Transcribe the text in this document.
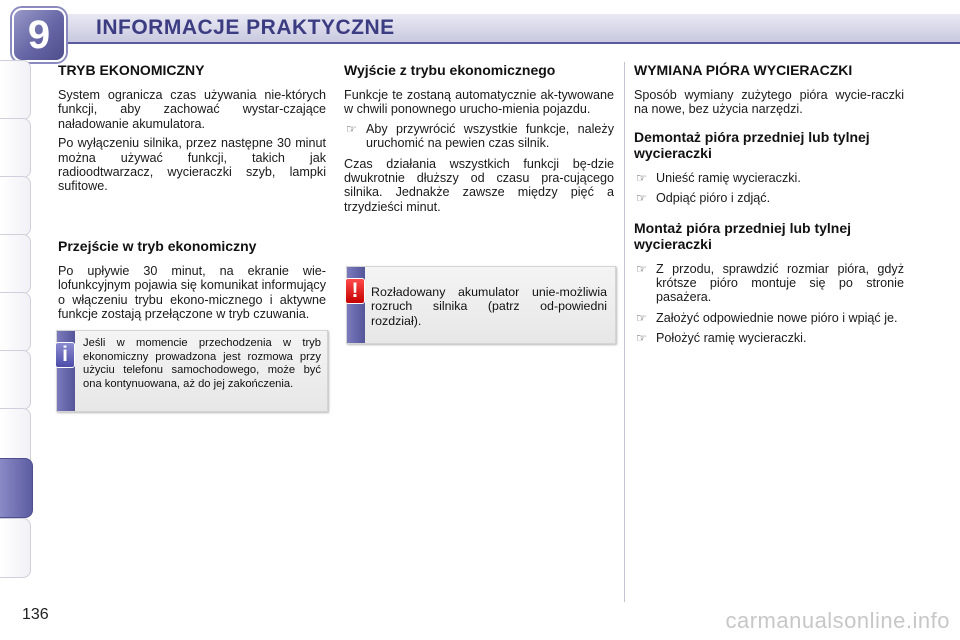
9	INFORMACJE PRAKTYCZNE
TRYB EKONOMICZNY

System ogranicza czas używania nie-których funkcji, aby zachować wystar-czające naładowanie akumulatora.

Po wyłączeniu silnika, przez następne 30 minut można używać funkcji, takich jak radioodtwarzacz, wycieraczki szyb, lampki sufitowe.

Przejście w tryb ekonomiczny

Po upływie 30 minut, na ekranie wie-lofunkcyjnym pojawia się komunikat informujący o włączeniu trybu ekono-micznego i aktywne funkcje zostają przełączone w tryb czuwania.

Jeśli w momencie przechodzenia w tryb ekonomiczny prowadzona jest rozmowa przy użyciu telefonu samochodowego, może być ona kontynuowana, aż do jej zakończenia.
i
Wyjście z trybu ekonomicznego

Funkcje te zostaną automatycznie ak-tywowane w chwili ponownego urucho-mienia pojazdu.

☞ Aby przywrócić wszystkie funkcje, należy uruchomić na pewien czas silnik.

Czas działania wszystkich funkcji bę-dzie dwukrotnie dłuższy od czasu pra-cującego silnika. Jednakże zawsze między pięć a trzydzieści minut.

Rozładowany akumulator unie-możliwia rozruch silnika (patrz od-powiedni rozdział).
!
WYMIANA PIÓRA WYCIERACZKI

Sposób wymiany zużytego pióra wycie-raczki na nowe, bez użycia narzędzi.

Demontaż pióra przedniej lub tylnej wycieraczki
☞ Unieść ramię wycieraczki.
☞ Odpiąć pióro i zdjąć.
Montaż pióra przedniej lub tylnej wycieraczki
☞ Z przodu, sprawdzić rozmiar pióra, gdyż krótsze pióro montuje się po stronie pasażera.
☞ Założyć odpowiednie nowe pióro i wpiąć je.
☞ Położyć ramię wycieraczki.
136	carmanualsonline.info
